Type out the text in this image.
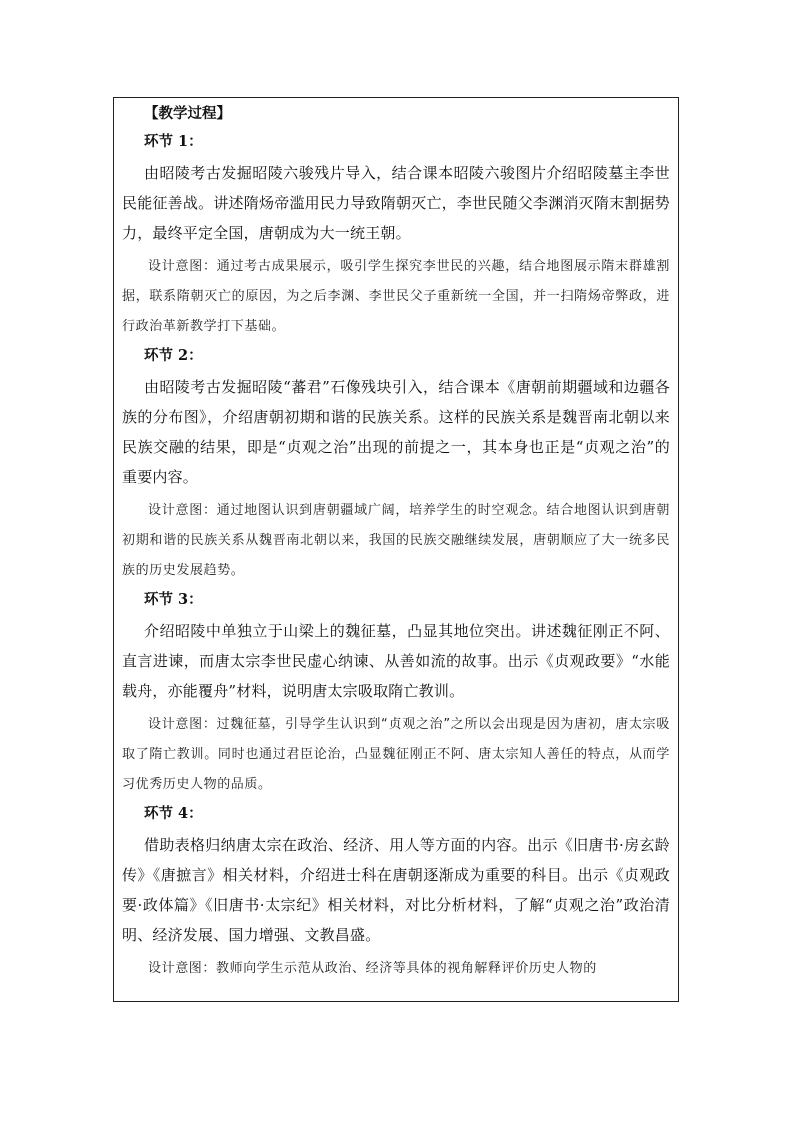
【教学过程】
环节 1：

由昭陵考古发掘昭陵六骏残片导入，结合课本昭陵六骏图片介绍昭陵墓主李世民能征善战。讲述隋炀帝滥用民力导致隋朝灭亡，李世民随父李渊消灭隋末割据势力，最终平定全国，唐朝成为大一统王朝。

设计意图：通过考古成果展示，吸引学生探究李世民的兴趣，结合地图展示隋末群雄割据，联系隋朝灭亡的原因，为之后李渊、李世民父子重新统一全国，并一扫隋炀帝弊政，进行政治革新教学打下基础。

环节 2：

由昭陵考古发掘昭陵“蕃君”石像残块引入，结合课本《唐朝前期疆域和边疆各族的分布图》，介绍唐朝初期和谐的民族关系。这样的民族关系是魏晋南北朝以来民族交融的结果，即是“贞观之治”出现的前提之一，其本身也正是“贞观之治”的重要内容。

设计意图：通过地图认识到唐朝疆域广阔，培养学生的时空观念。结合地图认识到唐朝初期和谐的民族关系从魏晋南北朝以来，我国的民族交融继续发展，唐朝顺应了大一统多民族的历史发展趋势。

环节 3：

介绍昭陵中单独立于山梁上的魏征墓，凸显其地位突出。讲述魏征刚正不阿、直言进谏，而唐太宗李世民虚心纳谏、从善如流的故事。出示《贞观政要》“水能载舟，亦能覆舟”材料，说明唐太宗吸取隋亡教训。

设计意图：过魏征墓，引导学生认识到“贞观之治”之所以会出现是因为唐初，唐太宗吸取了隋亡教训。同时也通过君臣论治，凸显魏征刚正不阿、唐太宗知人善任的特点，从而学习优秀历史人物的品质。

环节 4：

借助表格归纳唐太宗在政治、经济、用人等方面的内容。出示《旧唐书·房玄龄传》《唐摭言》相关材料，介绍进士科在唐朝逐渐成为重要的科目。出示《贞观政要·政体篇》《旧唐书·太宗纪》相关材料，对比分析材料，了解“贞观之治”政治清明、经济发展、国力增强、文教昌盛。

设计意图：教师向学生示范从政治、经济等具体的视角解释评价历史人物的
